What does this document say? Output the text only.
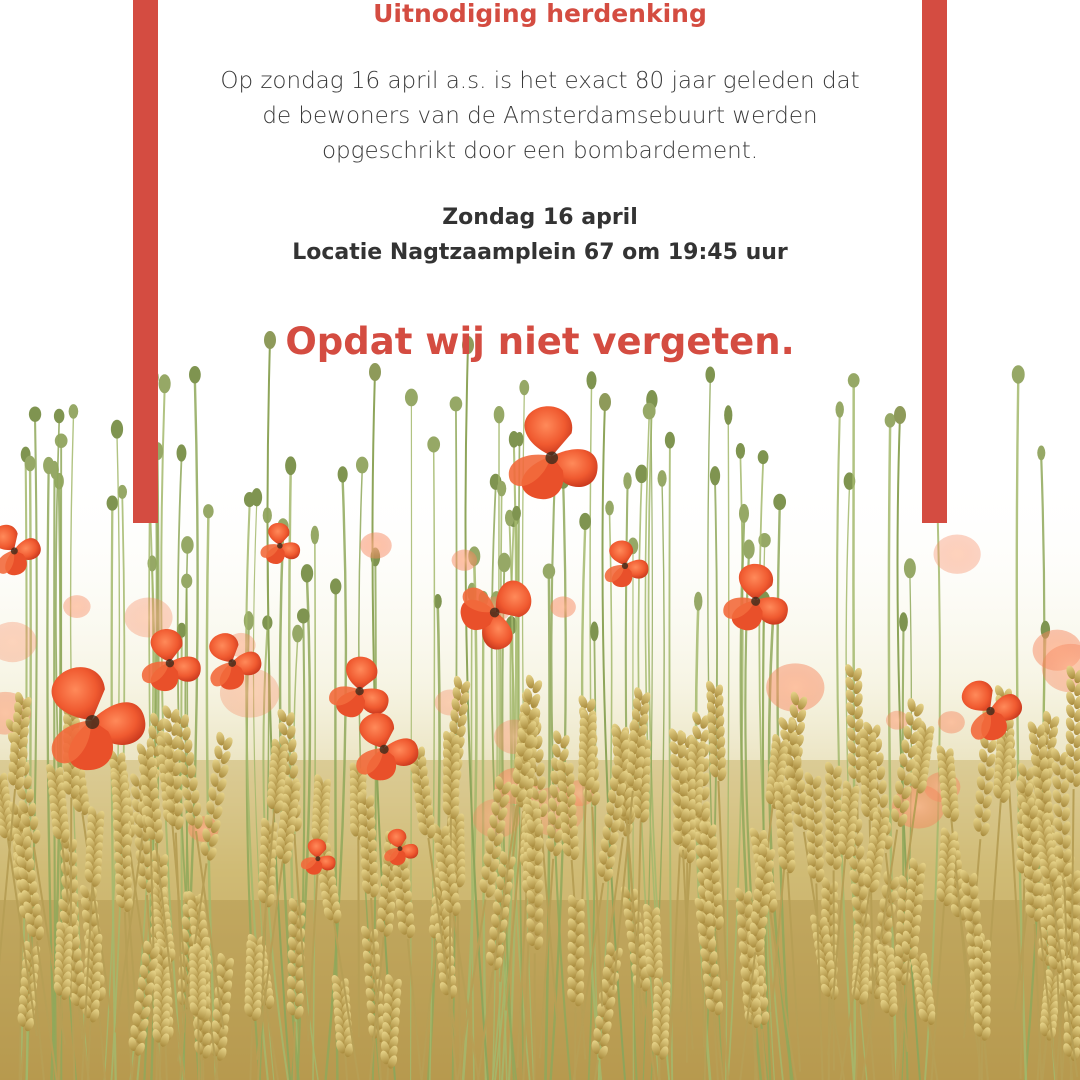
Uitnodiging herdenking
Op zondag 16 april a.s. is het exact 80 jaar geleden dat de bewoners van de Amsterdamsebuurt werden opgeschrikt door een bombardement.
Zondag 16 april
Locatie Nagtzaamplein 67 om 19:45 uur
Opdat wij niet vergeten.
